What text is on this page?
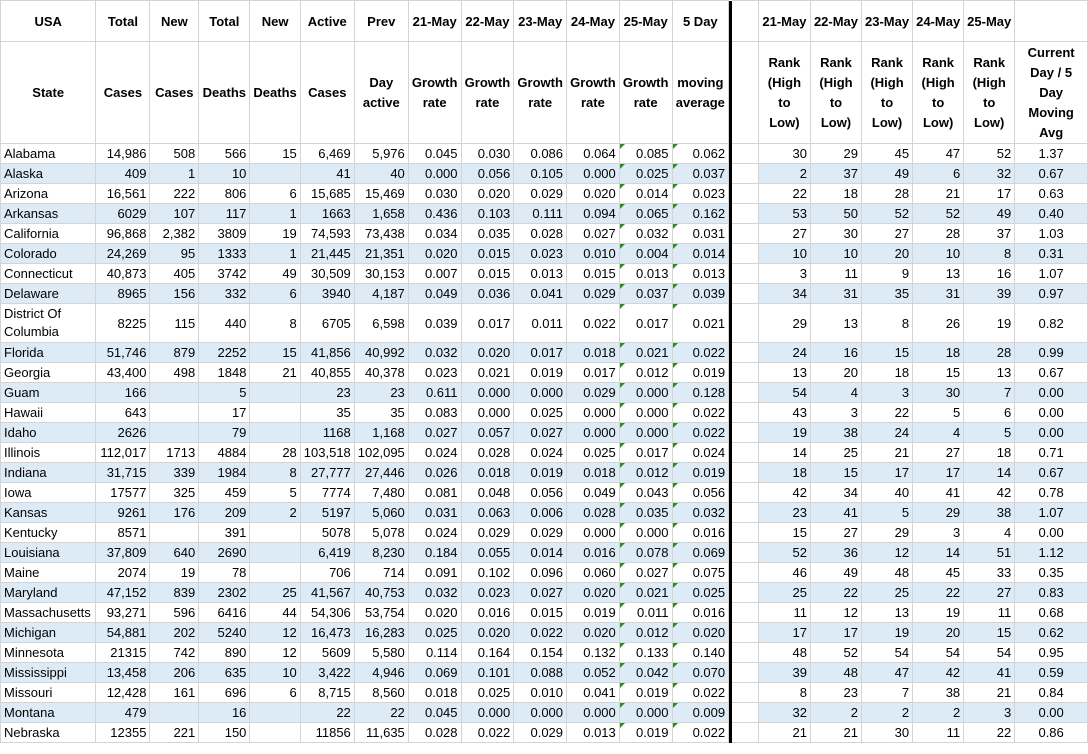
USA	Total	New	Total	New	Active	Prev	21-May	22-May	23-May	24-May	25-May	5 Day			21-May	22-May	23-May	24-May	25-May	
State	Cases	Cases	Deaths	Deaths	Cases	Day active	Growth rate	Growth rate	Growth rate	Growth rate	Growth rate	moving average			Rank (High to Low)	Rank (High to Low)	Rank (High to Low)	Rank (High to Low)	Rank (High to Low)	Current Day / 5 Day Moving Avg
Alabama	14,986	508	566	15	6,469	5,976	0.045	0.030	0.086	0.064	0.085	0.062			30	29	45	47	52	1.37
Alaska	409	1	10		41	40	0.000	0.056	0.105	0.000	0.025	0.037			2	37	49	6	32	0.67
Arizona	16,561	222	806	6	15,685	15,469	0.030	0.020	0.029	0.020	0.014	0.023			22	18	28	21	17	0.63
Arkansas	6029	107	117	1	1663	1,658	0.436	0.103	0.111	0.094	0.065	0.162			53	50	52	52	49	0.40
California	96,868	2,382	3809	19	74,593	73,438	0.034	0.035	0.028	0.027	0.032	0.031			27	30	27	28	37	1.03
Colorado	24,269	95	1333	1	21,445	21,351	0.020	0.015	0.023	0.010	0.004	0.014			10	10	20	10	8	0.31
Connecticut	40,873	405	3742	49	30,509	30,153	0.007	0.015	0.013	0.015	0.013	0.013			3	11	9	13	16	1.07
Delaware	8965	156	332	6	3940	4,187	0.049	0.036	0.041	0.029	0.037	0.039			34	31	35	31	39	0.97
District Of Columbia	8225	115	440	8	6705	6,598	0.039	0.017	0.011	0.022	0.017	0.021			29	13	8	26	19	0.82
Florida	51,746	879	2252	15	41,856	40,992	0.032	0.020	0.017	0.018	0.021	0.022			24	16	15	18	28	0.99
Georgia	43,400	498	1848	21	40,855	40,378	0.023	0.021	0.019	0.017	0.012	0.019			13	20	18	15	13	0.67
Guam	166		5		23	23	0.611	0.000	0.000	0.029	0.000	0.128			54	4	3	30	7	0.00
Hawaii	643		17		35	35	0.083	0.000	0.025	0.000	0.000	0.022			43	3	22	5	6	0.00
Idaho	2626		79		1168	1,168	0.027	0.057	0.027	0.000	0.000	0.022			19	38	24	4	5	0.00
Illinois	112,017	1713	4884	28	103,518	102,095	0.024	0.028	0.024	0.025	0.017	0.024			14	25	21	27	18	0.71
Indiana	31,715	339	1984	8	27,777	27,446	0.026	0.018	0.019	0.018	0.012	0.019			18	15	17	17	14	0.67
Iowa	17577	325	459	5	7774	7,480	0.081	0.048	0.056	0.049	0.043	0.056			42	34	40	41	42	0.78
Kansas	9261	176	209	2	5197	5,060	0.031	0.063	0.006	0.028	0.035	0.032			23	41	5	29	38	1.07
Kentucky	8571		391		5078	5,078	0.024	0.029	0.029	0.000	0.000	0.016			15	27	29	3	4	0.00
Louisiana	37,809	640	2690		6,419	8,230	0.184	0.055	0.014	0.016	0.078	0.069			52	36	12	14	51	1.12
Maine	2074	19	78		706	714	0.091	0.102	0.096	0.060	0.027	0.075			46	49	48	45	33	0.35
Maryland	47,152	839	2302	25	41,567	40,753	0.032	0.023	0.027	0.020	0.021	0.025			25	22	25	22	27	0.83
Massachusetts	93,271	596	6416	44	54,306	53,754	0.020	0.016	0.015	0.019	0.011	0.016			11	12	13	19	11	0.68
Michigan	54,881	202	5240	12	16,473	16,283	0.025	0.020	0.022	0.020	0.012	0.020			17	17	19	20	15	0.62
Minnesota	21315	742	890	12	5609	5,580	0.114	0.164	0.154	0.132	0.133	0.140			48	52	54	54	54	0.95
Mississippi	13,458	206	635	10	3,422	4,946	0.069	0.101	0.088	0.052	0.042	0.070			39	48	47	42	41	0.59
Missouri	12,428	161	696	6	8,715	8,560	0.018	0.025	0.010	0.041	0.019	0.022			8	23	7	38	21	0.84
Montana	479		16		22	22	0.045	0.000	0.000	0.000	0.000	0.009			32	2	2	2	3	0.00
Nebraska	12355	221	150		11856	11,635	0.028	0.022	0.029	0.013	0.019	0.022			21	21	30	11	22	0.86
